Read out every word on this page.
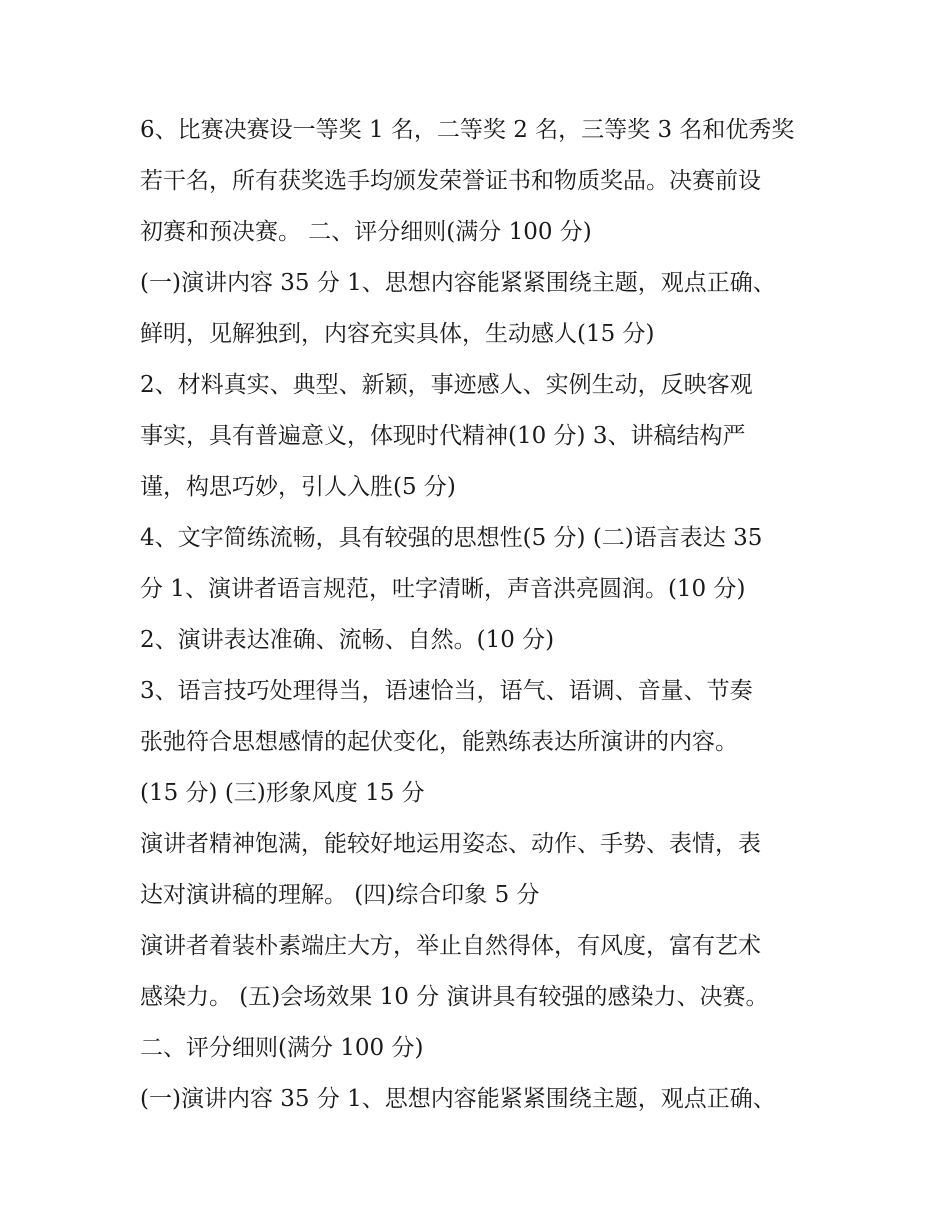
6、比赛决赛设一等奖 1 名，二等奖 2 名，三等奖 3 名和优秀奖
若干名，所有获奖选手均颁发荣誉证书和物质奖品。决赛前设
初赛和预决赛。 二、评分细则(满分 100 分)
(一)演讲内容 35 分 1、思想内容能紧紧围绕主题，观点正确、
鲜明，见解独到，内容充实具体，生动感人(15 分)
2、材料真实、典型、新颖，事迹感人、实例生动，反映客观
事实，具有普遍意义，体现时代精神(10 分) 3、讲稿结构严
谨，构思巧妙，引人入胜(5 分)
4、文字简练流畅，具有较强的思想性(5 分) (二)语言表达 35
分 1、演讲者语言规范，吐字清晰，声音洪亮圆润。(10 分)
2、演讲表达准确、流畅、自然。(10 分)
3、语言技巧处理得当，语速恰当，语气、语调、音量、节奏
张弛符合思想感情的起伏变化，能熟练表达所演讲的内容。
(15 分) (三)形象风度 15 分
演讲者精神饱满，能较好地运用姿态、动作、手势、表情，表
达对演讲稿的理解。 (四)综合印象 5 分
演讲者着装朴素端庄大方，举止自然得体，有风度，富有艺术
感染力。 (五)会场效果 10 分 演讲具有较强的感染力、决赛。
二、评分细则(满分 100 分)
(一)演讲内容 35 分 1、思想内容能紧紧围绕主题，观点正确、
